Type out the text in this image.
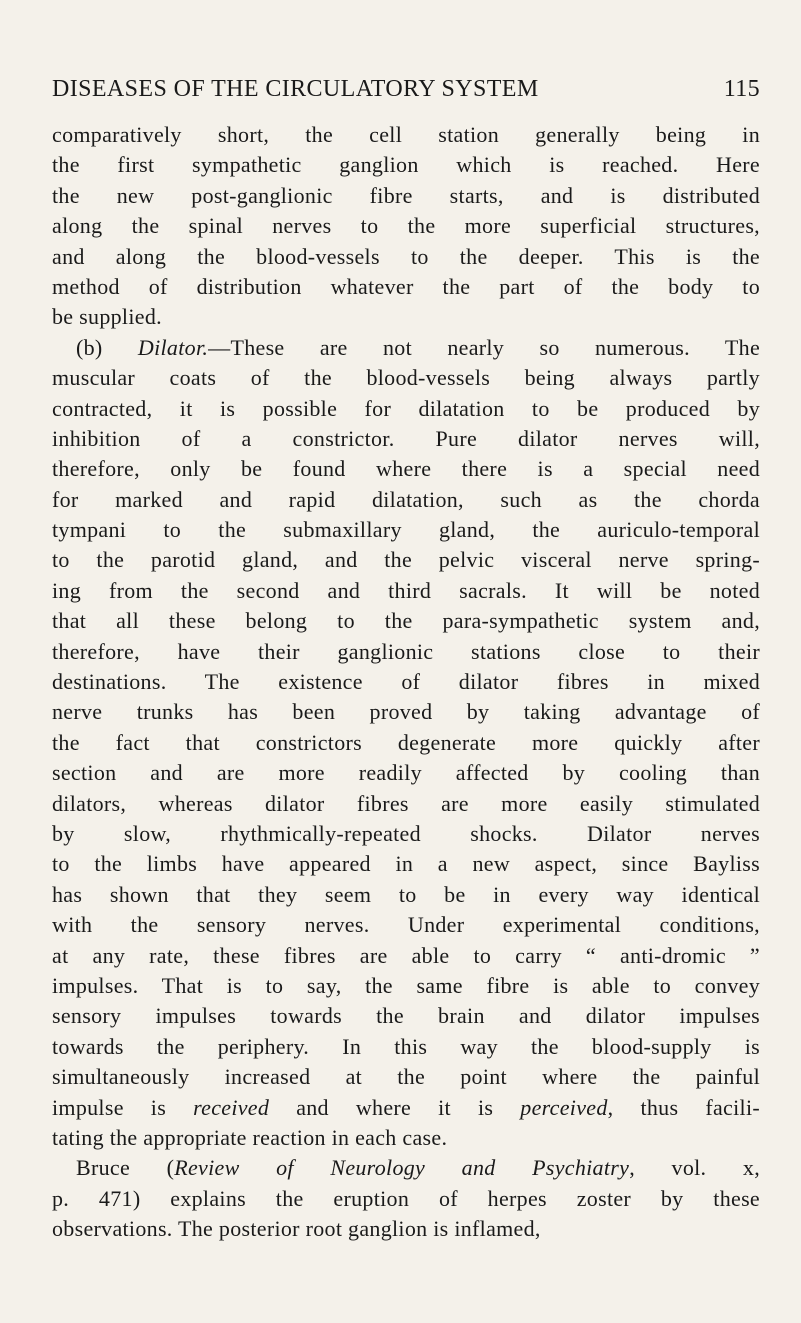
DISEASES OF THE CIRCULATORY SYSTEM	115
comparatively short, the cell station generally being in
the first sympathetic ganglion which is reached. Here
the new post-ganglionic fibre starts, and is distributed
along the spinal nerves to the more superficial structures,
and along the blood-vessels to the deeper. This is the
method of distribution whatever the part of the body to
be supplied.
(b) Dilator.—These are not nearly so numerous. The
muscular coats of the blood-vessels being always partly
contracted, it is possible for dilatation to be produced by
inhibition of a constrictor. Pure dilator nerves will,
therefore, only be found where there is a special need
for marked and rapid dilatation, such as the chorda
tympani to the submaxillary gland, the auriculo-temporal
to the parotid gland, and the pelvic visceral nerve spring-
ing from the second and third sacrals. It will be noted
that all these belong to the para-sympathetic system and,
therefore, have their ganglionic stations close to their
destinations. The existence of dilator fibres in mixed
nerve trunks has been proved by taking advantage of
the fact that constrictors degenerate more quickly after
section and are more readily affected by cooling than
dilators, whereas dilator fibres are more easily stimulated
by slow, rhythmically-repeated shocks. Dilator nerves
to the limbs have appeared in a new aspect, since Bayliss
has shown that they seem to be in every way identical
with the sensory nerves. Under experimental conditions,
at any rate, these fibres are able to carry “ anti-dromic ”
impulses. That is to say, the same fibre is able to convey
sensory impulses towards the brain and dilator impulses
towards the periphery. In this way the blood-supply is
simultaneously increased at the point where the painful
impulse is received and where it is perceived, thus facili-
tating the appropriate reaction in each case.
Bruce (Review of Neurology and Psychiatry, vol. x,
p. 471) explains the eruption of herpes zoster by these
observations. The posterior root ganglion is inflamed,
